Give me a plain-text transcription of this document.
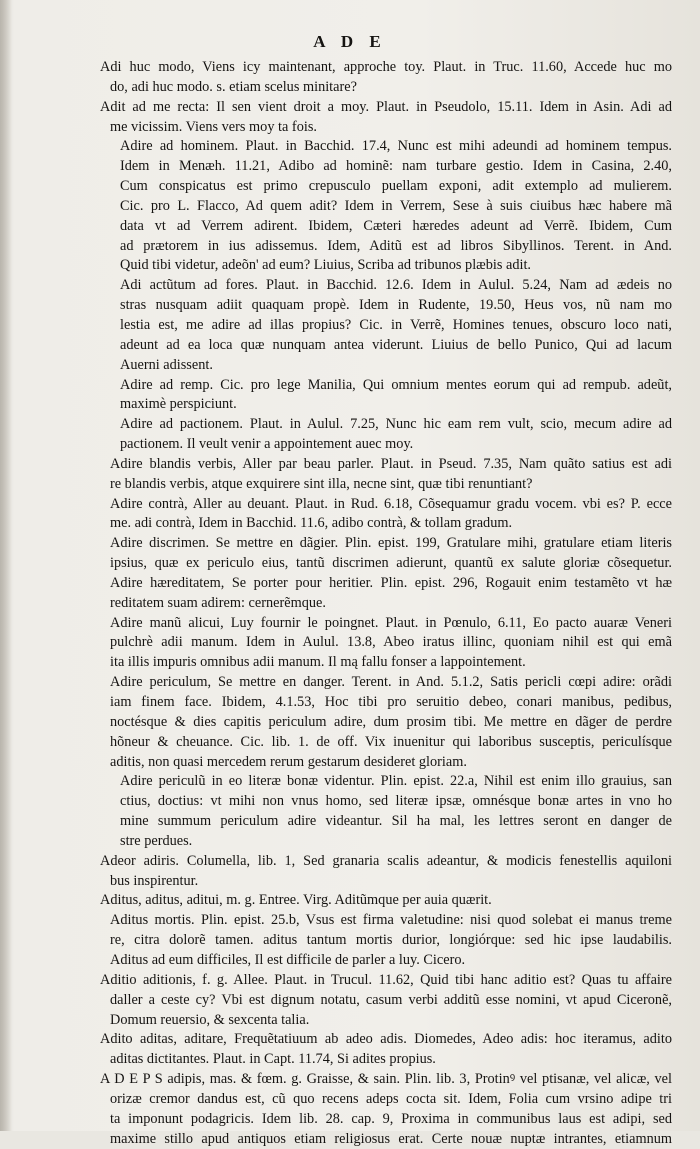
A D E
Adi huc modo, Viens icy maintenant, approche toy. Plaut. in Truc. 11.60, Accede huc mo
do, adi huc modo. s. etiam scelus minitare?
Adit ad me recta: Il sen vient droit a moy. Plaut. in Pseudolo, 15.11. Idem in Asin. Adi ad
me vicissim. Viens vers moy ta fois.
Adire ad hominem. Plaut. in Bacchid. 17.4, Nunc est mihi adeundi ad hominem tempus.
Idem in Menæh. 11.21, Adibo ad hominẽ: nam turbare gestio. Idem in Casina, 2.40,
Cum conspicatus est primo crepusculo puellam exponi, adit extemplo ad mulierem.
Cic. pro L. Flacco, Ad quem adit? Idem in Verrem, Sese à suis ciuibus hæc habere mã
data vt ad Verrem adirent. Ibidem, Cæteri hæredes adeunt ad Verrẽ. Ibidem, Cum
ad prætorem in ius adissemus. Idem, Aditũ est ad libros Sibyllinos. Terent. in And.
Quid tibi videtur, adeõn' ad eum? Liuius, Scriba ad tribunos plæbis adit.
Adi actũtum ad fores. Plaut. in Bacchid. 12.6. Idem in Aulul. 5.24, Nam ad ædeis no
stras nusquam adiit quaquam propè. Idem in Rudente, 19.50, Heus vos, nũ nam mo
lestia est, me adire ad illas propius? Cic. in Verrẽ, Homines tenues, obscuro loco nati,
adeunt ad ea loca quæ nunquam antea viderunt. Liuius de bello Punico, Qui ad lacum
Auerni adissent.
Adire ad remp. Cic. pro lege Manilia, Qui omnium mentes eorum qui ad rempub. adeũt,
maximè perspiciunt.
Adire ad pactionem. Plaut. in Aulul. 7.25, Nunc hic eam rem vult, scio, mecum adire ad
pactionem. Il veult venir a appointement auec moy.
Adire blandis verbis, Aller par beau parler. Plaut. in Pseud. 7.35, Nam quãto satius est adi
re blandis verbis, atque exquirere sint illa, necne sint, quæ tibi renuntiant?
Adire contrà, Aller au deuant. Plaut. in Rud. 6.18, Cõsequamur gradu vocem. vbi es? P. ecce
me. adi contrà, Idem in Bacchid. 11.6, adibo contrà, & tollam gradum.
Adire discrimen. Se mettre en dãgier. Plin. epist. 199, Gratulare mihi, gratulare etiam literis
ipsius, quæ ex periculo eius, tantũ discrimen adierunt, quantũ ex salute gloriæ cõsequetur.
Adire hæreditatem, Se porter pour heritier. Plin. epist. 296, Rogauit enim testamẽto vt hæ
reditatem suam adirem: cernerẽmque.
Adire manũ alicui, Luy fournir le poingnet. Plaut. in Pœnulo, 6.11, Eo pacto auaræ Veneri
pulchrè adii manum. Idem in Aulul. 13.8, Abeo iratus illinc, quoniam nihil est qui emã
ita illis impuris omnibus adii manum. Il mą fallu fonser a lappointement.
Adire periculum, Se mettre en danger. Terent. in And. 5.1.2, Satis pericli cœpi adire: orãdi
iam finem face. Ibidem, 4.1.53, Hoc tibi pro seruitio debeo, conari manibus, pedibus,
noctésque & dies capitis periculum adire, dum prosim tibi. Me mettre en dãger de perdre
hõneur & cheuance. Cic. lib. 1. de off. Vix inuenitur qui laboribus susceptis, periculísque
aditis, non quasi mercedem rerum gestarum desideret gloriam.
Adire periculũ in eo literæ bonæ videntur. Plin. epist. 22.a, Nihil est enim illo grauius, san
ctius, doctius: vt mihi non vnus homo, sed literæ ipsæ, omnésque bonæ artes in vno ho
mine summum periculum adire videantur. Sil ha mal, les lettres seront en danger de
stre perdues.
Adeor adiris. Columella, lib. 1, Sed granaria scalis adeantur, & modicis fenestellis aquiloni
bus inspirentur.
Aditus, aditus, aditui, m. g. Entree. Virg. Aditũmque per auia quærit.
Aditus mortis. Plin. epist. 25.b, Vsus est firma valetudine: nisi quod solebat ei manus treme
re, citra dolorẽ tamen. aditus tantum mortis durior, longiórque: sed hic ipse laudabilis.
Aditus ad eum difficiles, Il est difficile de parler a luy. Cicero.
Aditio aditionis, f. g. Allee. Plaut. in Trucul. 11.62, Quid tibi hanc aditio est? Quas tu affaire
daller a ceste cy? Vbi est dignum notatu, casum verbi additũ esse nomini, vt apud Ciceronẽ,
Domum reuersio, & sexcenta talia.
Adito aditas, aditare, Frequẽtatiuum ab adeo adis. Diomedes, Adeo adis: hoc iteramus, adito
aditas dictitantes. Plaut. in Capt. 11.74, Si adites propius.
A D E P S adipis, mas. & fœm. g. Graisse, & sain. Plin. lib. 3, Protinꝰ vel ptisanæ, vel alicæ, vel
orizæ cremor dandus est, cũ quo recens adeps cocta sit. Idem, Folia cum vrsino adipe tri
ta imponunt podagricis. Idem lib. 28. cap. 9, Proxima in communibus laus est adipi, sed
maxime stillo apud antiquos etiam religiosus erat. Certe nouæ nuptæ intrantes, etiamnum
